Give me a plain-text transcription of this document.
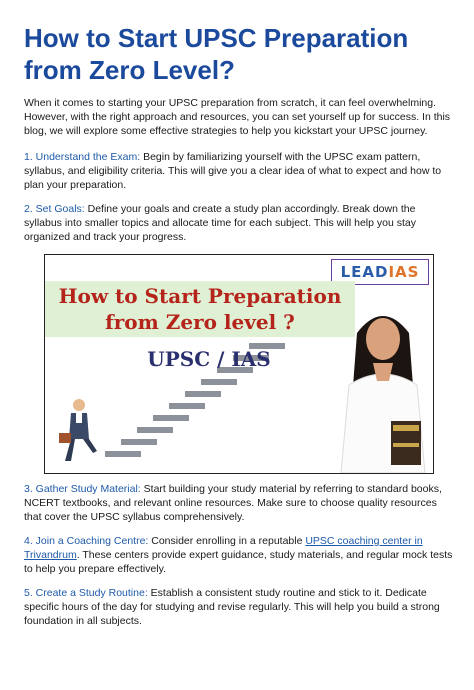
How to Start UPSC Preparation from Zero Level?

When it comes to starting your UPSC preparation from scratch, it can feel overwhelming. However, with the right approach and resources, you can set yourself up for success. In this blog, we will explore some effective strategies to help you kickstart your UPSC journey.

1. Understand the Exam: Begin by familiarizing yourself with the UPSC exam pattern, syllabus, and eligibility criteria. This will give you a clear idea of what to expect and how to plan your preparation.

2. Set Goals: Define your goals and create a study plan accordingly. Break down the syllabus into smaller topics and allocate time for each subject. This will help you stay organized and track your progress.

LEADIAS
How to Start Preparation
from Zero level ?
UPSC / IAS

3. Gather Study Material: Start building your study material by referring to standard books, NCERT textbooks, and relevant online resources. Make sure to choose quality resources that cover the UPSC syllabus comprehensively.

4. Join a Coaching Centre: Consider enrolling in a reputable UPSC coaching center in Trivandrum. These centers provide expert guidance, study materials, and regular mock tests to help you prepare effectively.

5. Create a Study Routine: Establish a consistent study routine and stick to it. Dedicate specific hours of the day for studying and revise regularly. This will help you build a strong foundation in all subjects.
